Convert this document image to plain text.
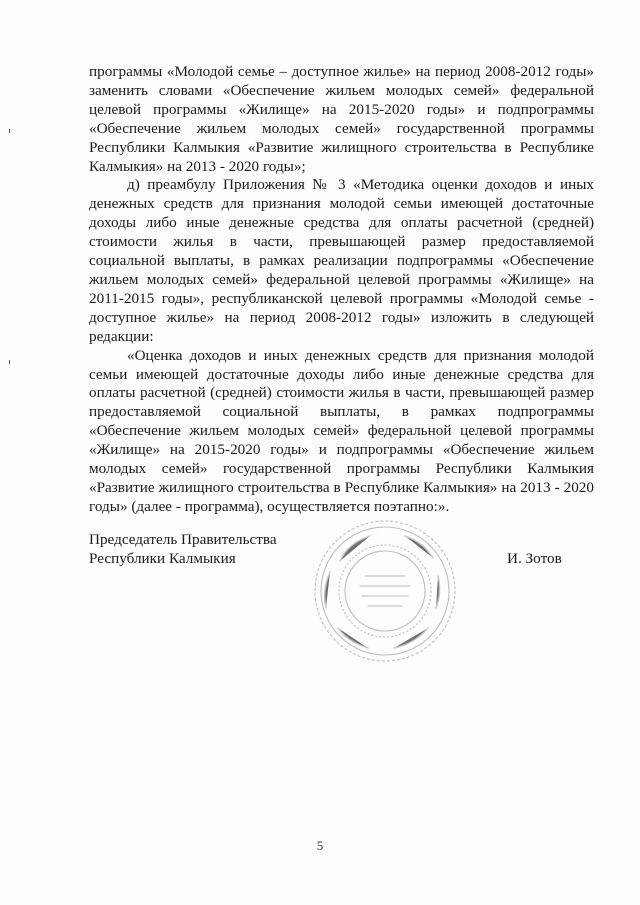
программы «Молодой семье – доступное жилье» на период 2008-2012 годы» заменить словами «Обеспечение жильем молодых семей» федеральной целевой программы «Жилище» на 2015-2020 годы» и подпрограммы «Обеспечение жильем молодых семей» государственной программы Республики Калмыкия «Развитие жилищного строительства в Республике Калмыкия» на 2013 - 2020 годы»;

д) преамбулу Приложения № 3 «Методика оценки доходов и иных денежных средств для признания молодой семьи имеющей достаточные доходы либо иные денежные средства для оплаты расчетной (средней) стоимости жилья в части, превышающей размер предоставляемой социальной выплаты, в рамках реализации подпрограммы «Обеспечение жильем молодых семей» федеральной целевой программы «Жилище» на 2011-2015 годы», республиканской целевой программы «Молодой семье - доступное жилье» на период 2008-2012 годы» изложить в следующей редакции:

«Оценка доходов и иных денежных средств для признания молодой семьи имеющей достаточные доходы либо иные денежные средства для оплаты расчетной (средней) стоимости жилья в части, превышающей размер предоставляемой социальной выплаты, в рамках подпрограммы «Обеспечение жильем молодых семей» федеральной целевой программы «Жилище» на 2015-2020 годы» и подпрограммы «Обеспечение жильем молодых семей» государственной программы Республики Калмыкия «Развитие жилищного строительства в Республике Калмыкия» на 2013 - 2020 годы» (далее - программа), осуществляется поэтапно:».

Председатель Правительства
Республики Калмыкия	И. Зотов
5
